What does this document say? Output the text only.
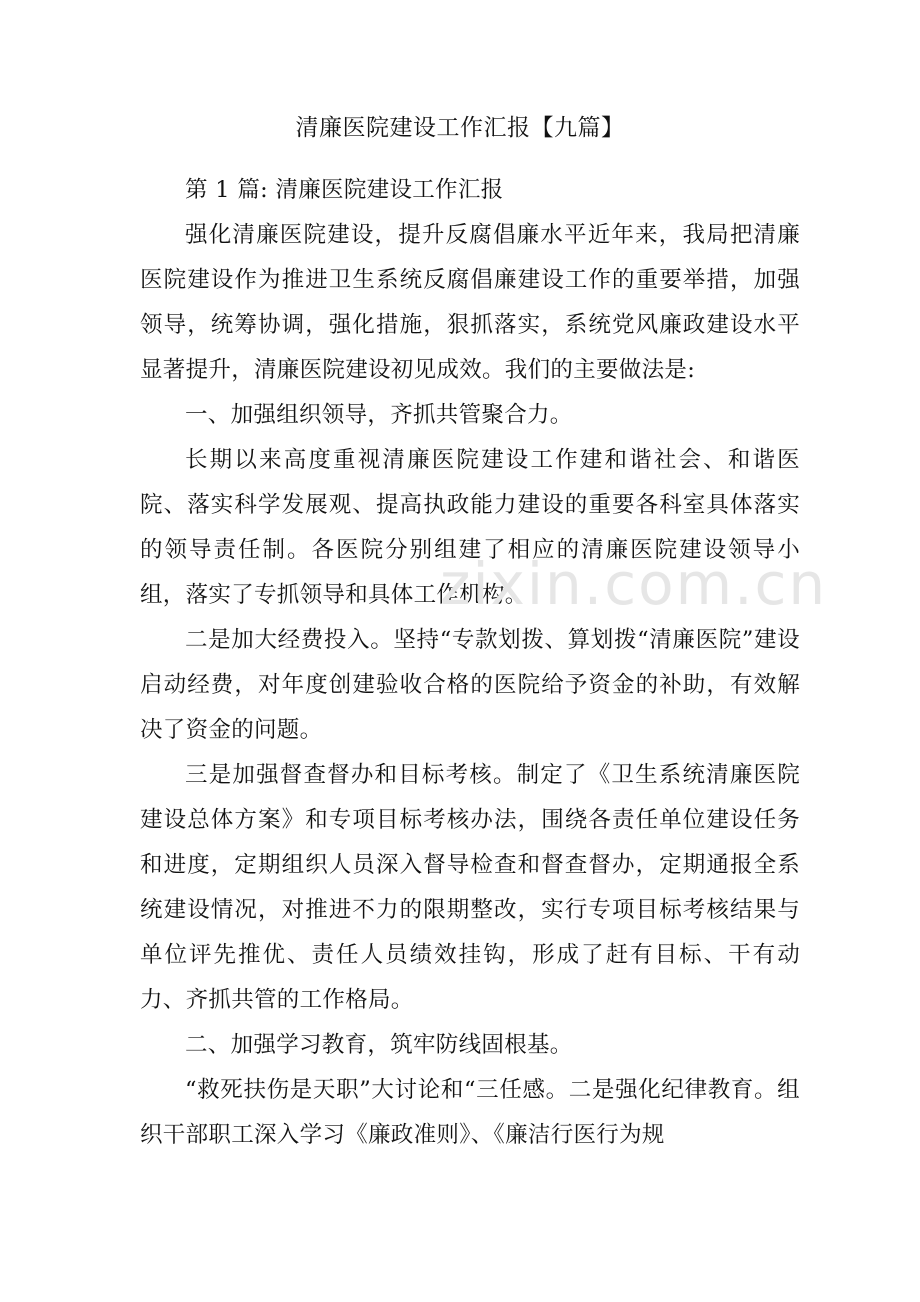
清廉医院建设工作汇报【九篇】

第 1 篇: 清廉医院建设工作汇报

强化清廉医院建设，提升反腐倡廉水平近年来，我局把清廉医院建设作为推进卫生系统反腐倡廉建设工作的重要举措，加强领导，统筹协调，强化措施，狠抓落实，系统党风廉政建设水平显著提升，清廉医院建设初见成效。我们的主要做法是:

一、加强组织领导，齐抓共管聚合力。

长期以来高度重视清廉医院建设工作建和谐社会、和谐医院、落实科学发展观、提高执政能力建设的重要各科室具体落实的领导责任制。各医院分别组建了相应的清廉医院建设领导小组，落实了专抓领导和具体工作机构。

二是加大经费投入。坚持“专款划拨、算划拨“清廉医院”建设启动经费，对年度创建验收合格的医院给予资金的补助，有效解决了资金的问题。

三是加强督查督办和目标考核。制定了《卫生系统清廉医院建设总体方案》和专项目标考核办法，围绕各责任单位建设任务和进度，定期组织人员深入督导检查和督查督办，定期通报全系统建设情况，对推进不力的限期整改，实行专项目标考核结果与单位评先推优、责任人员绩效挂钩，形成了赶有目标、干有动力、齐抓共管的工作格局。

二、加强学习教育，筑牢防线固根基。

“救死扶伤是天职”大讨论和“三任感。二是强化纪律教育。组织干部职工深入学习《廉政准则》、《廉洁行医行为规

zixin.com.cn
